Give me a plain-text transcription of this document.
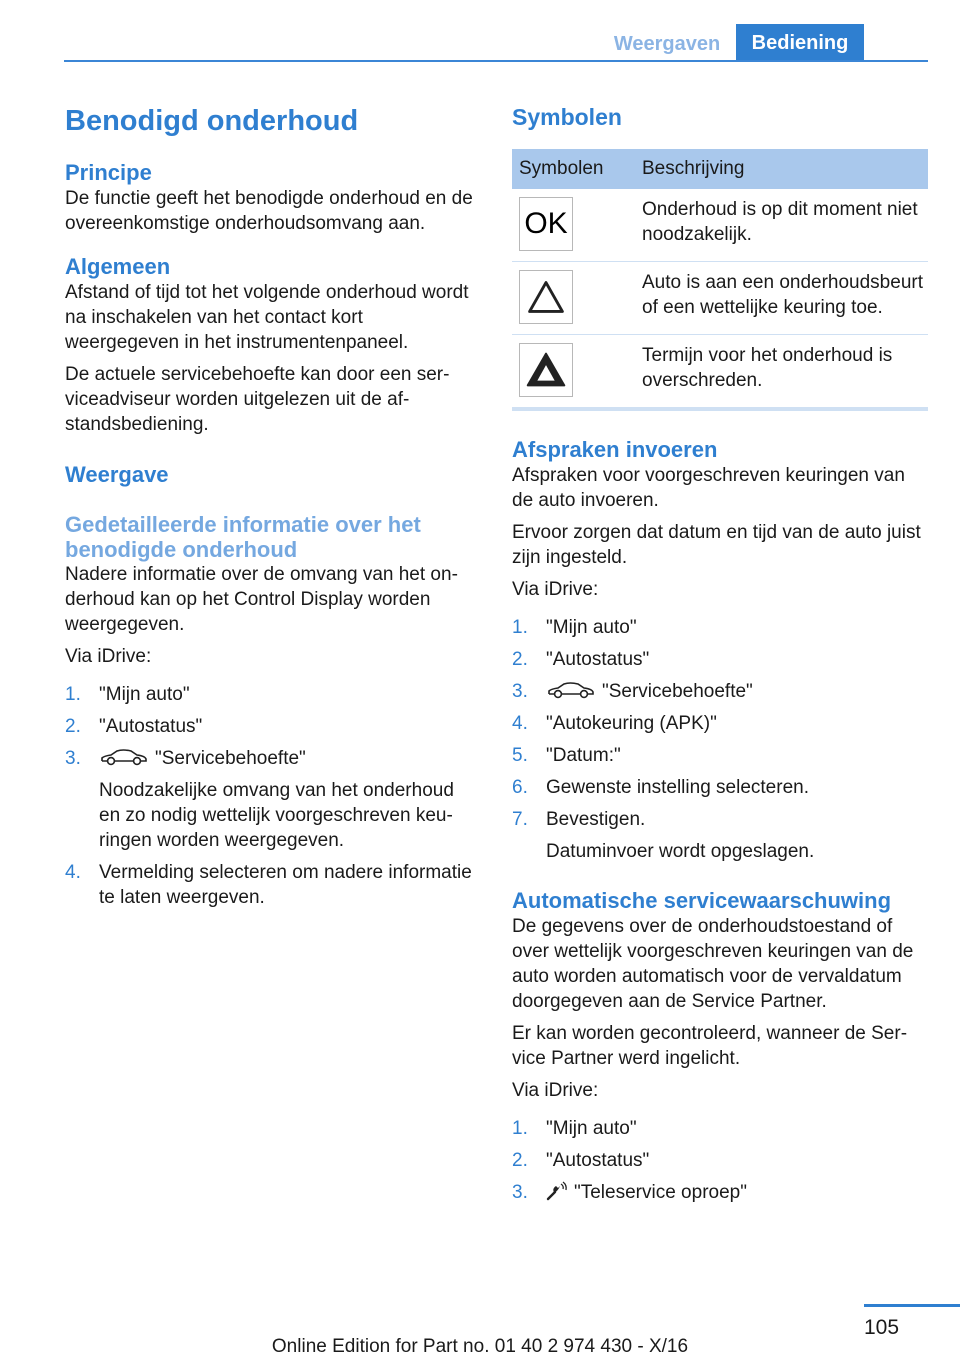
Weergaven	Bediening
Benodigd onderhoud
Principe

De functie geeft het benodigde onderhoud en de overeenkomstige onderhoudsomvang aan.

Algemeen

Afstand of tijd tot het volgende onderhoud wordt na inschakelen van het contact kort weergegeven in het instrumentenpaneel.

De actuele servicebehoefte kan door een serviceadviseur worden uitgelezen uit de afstandsbediening.

Weergave
Gedetailleerde informatie over het benodigde onderhoud

Nadere informatie over de omvang van het onderhoud kan op het Control Display worden weergegeven.

Via iDrive:

1. "Mijn auto"
2. "Autostatus"
3.	"Servicebehoefte"
Noodzakelijke omvang van het onderhoud en zo nodig wettelijk voorgeschreven keuringen worden weergegeven.
4. Vermelding selecteren om nadere informatie te laten weergeven.
Symbolen
Symbolen	Beschrijving

OK	Onderhoud is op dit moment niet noodzakelijk.

	Auto is aan een onderhoudsbeurt of een wettelijke keuring toe.

	Termijn voor het onderhoud is overschreden.
Afspraken invoeren

Afspraken voor voorgeschreven keuringen van de auto invoeren.

Ervoor zorgen dat datum en tijd van de auto juist zijn ingesteld.

Via iDrive:

1. "Mijn auto"
2. "Autostatus"
3.	"Servicebehoefte"
4. "Autokeuring (APK)"
5. "Datum:"
6. Gewenste instelling selecteren.
7. Bevestigen.
Datuminvoer wordt opgeslagen.
Automatische servicewaarschuwing

De gegevens over de onderhoudstoestand of over wettelijk voorgeschreven keuringen van de auto worden automatisch voor de vervaldatum doorgegeven aan de Service Partner.

Er kan worden gecontroleerd, wanneer de Service Partner werd ingelicht.

Via iDrive:

1. "Mijn auto"
2. "Autostatus"
3. "Teleservice oproep"
105
Online Edition for Part no. 01 40 2 974 430 - X/16
